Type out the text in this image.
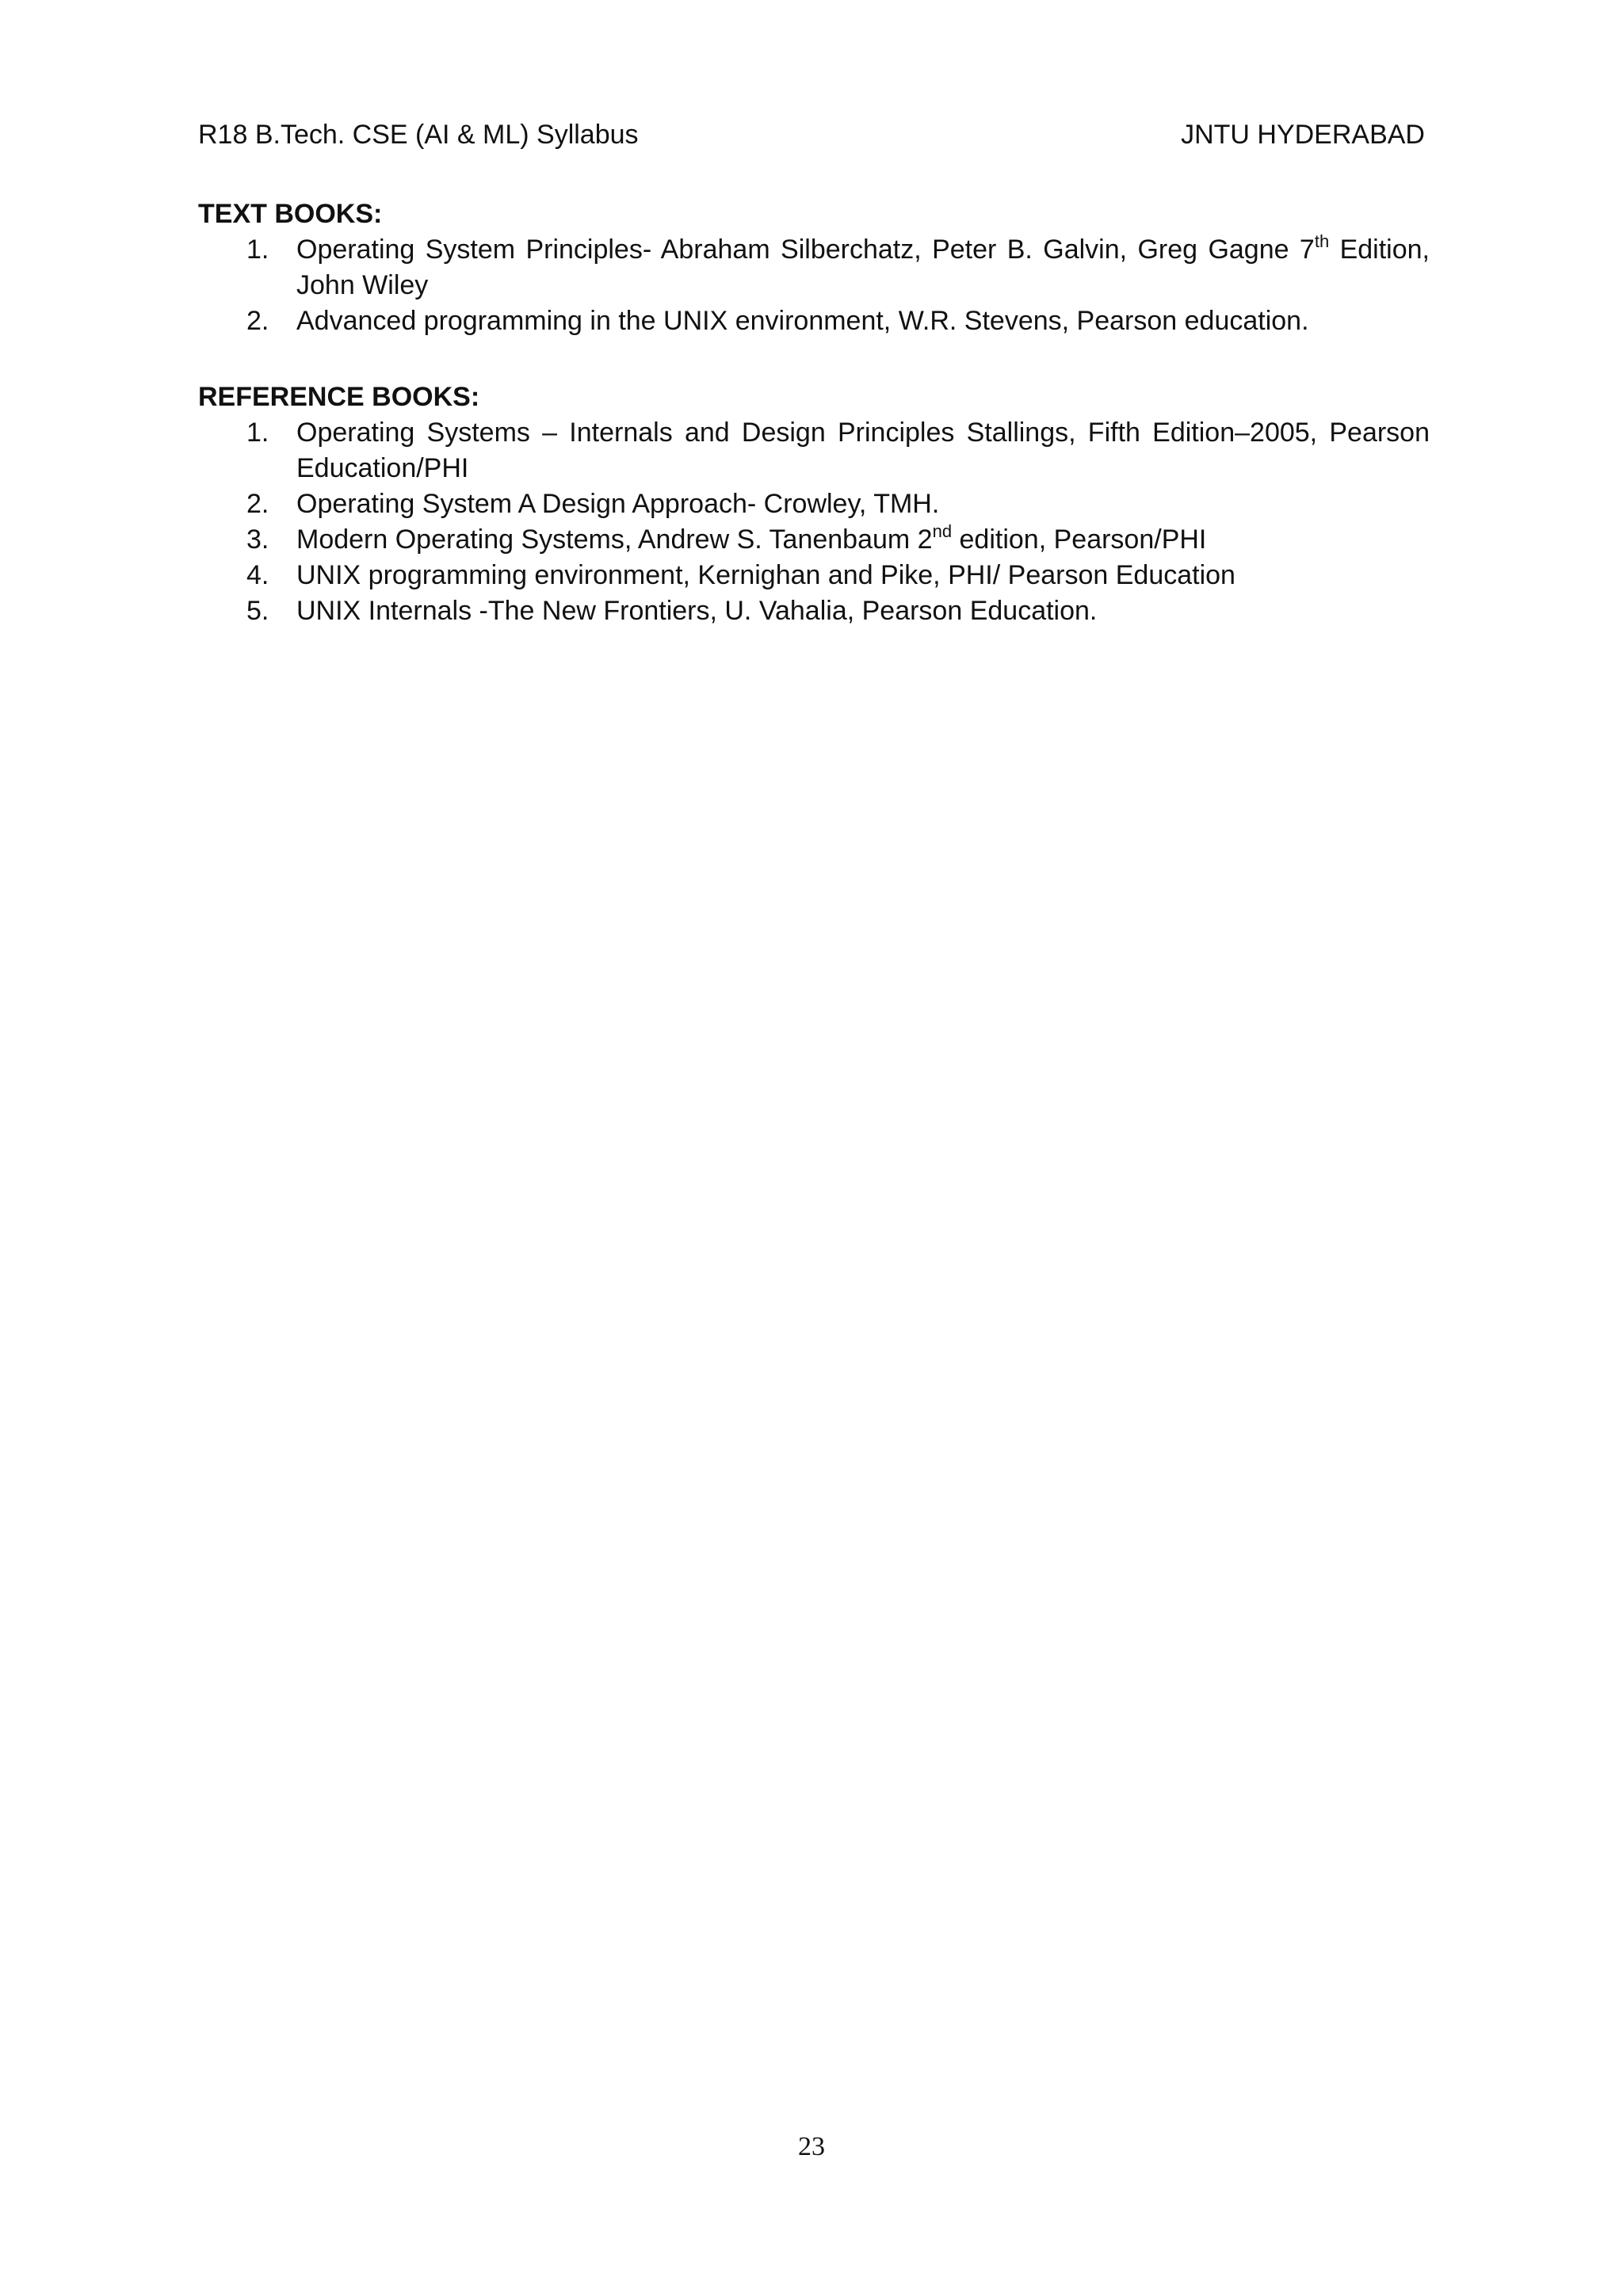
R18 B.Tech. CSE (AI & ML) Syllabus	JNTU HYDERABAD
TEXT BOOKS:
1.	Operating System Principles- Abraham Silberchatz, Peter B. Galvin, Greg Gagne 7th Edition, John Wiley
2.	Advanced programming in the UNIX environment, W.R. Stevens, Pearson education.
REFERENCE BOOKS:
1.	Operating Systems – Internals and Design Principles Stallings, Fifth Edition–2005, Pearson Education/PHI
2.	Operating System A Design Approach- Crowley, TMH.
3.	Modern Operating Systems, Andrew S. Tanenbaum 2nd edition, Pearson/PHI
4.	UNIX programming environment, Kernighan and Pike, PHI/ Pearson Education
5.	UNIX Internals -The New Frontiers, U. Vahalia, Pearson Education.
23
